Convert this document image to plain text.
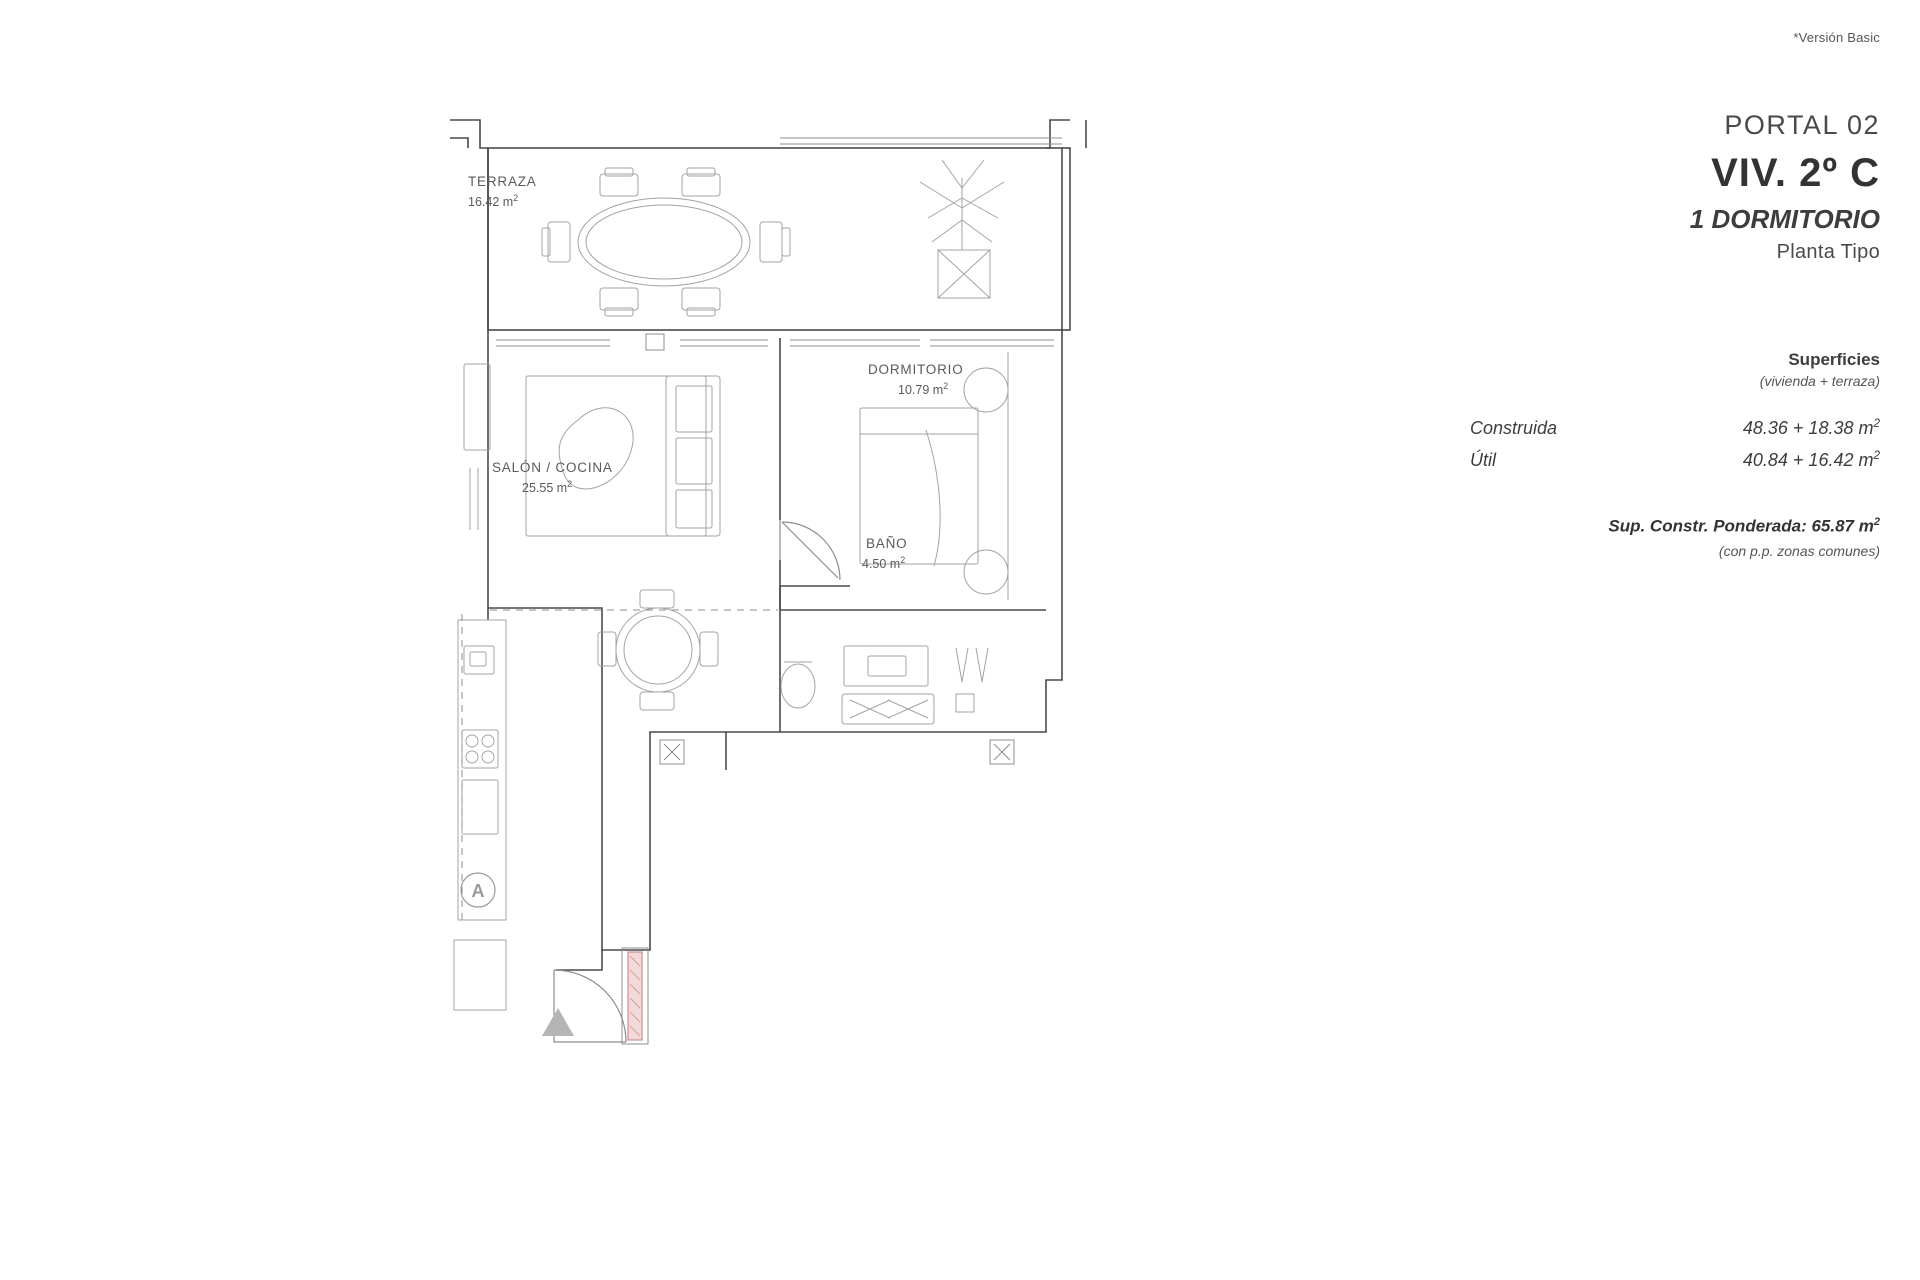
*Versión Basic
PORTAL 02
VIV. 2º C
1 DORMITORIO
Planta Tipo
Superficies
(vivienda + terraza)
Construida	48.36 + 18.38 $m^2$
Útil	40.84 + 16.42 $m^2$
Sup. Constr. Ponderada: 65.87 $m^2$
(con p.p. zonas comunes)
A
TERRAZA
16.42 $m^2$
SALÓN / COCINA
25.55 $m^2$
DORMITORIO
10.79 $m^2$
BAÑO
4.50 $m^2$
